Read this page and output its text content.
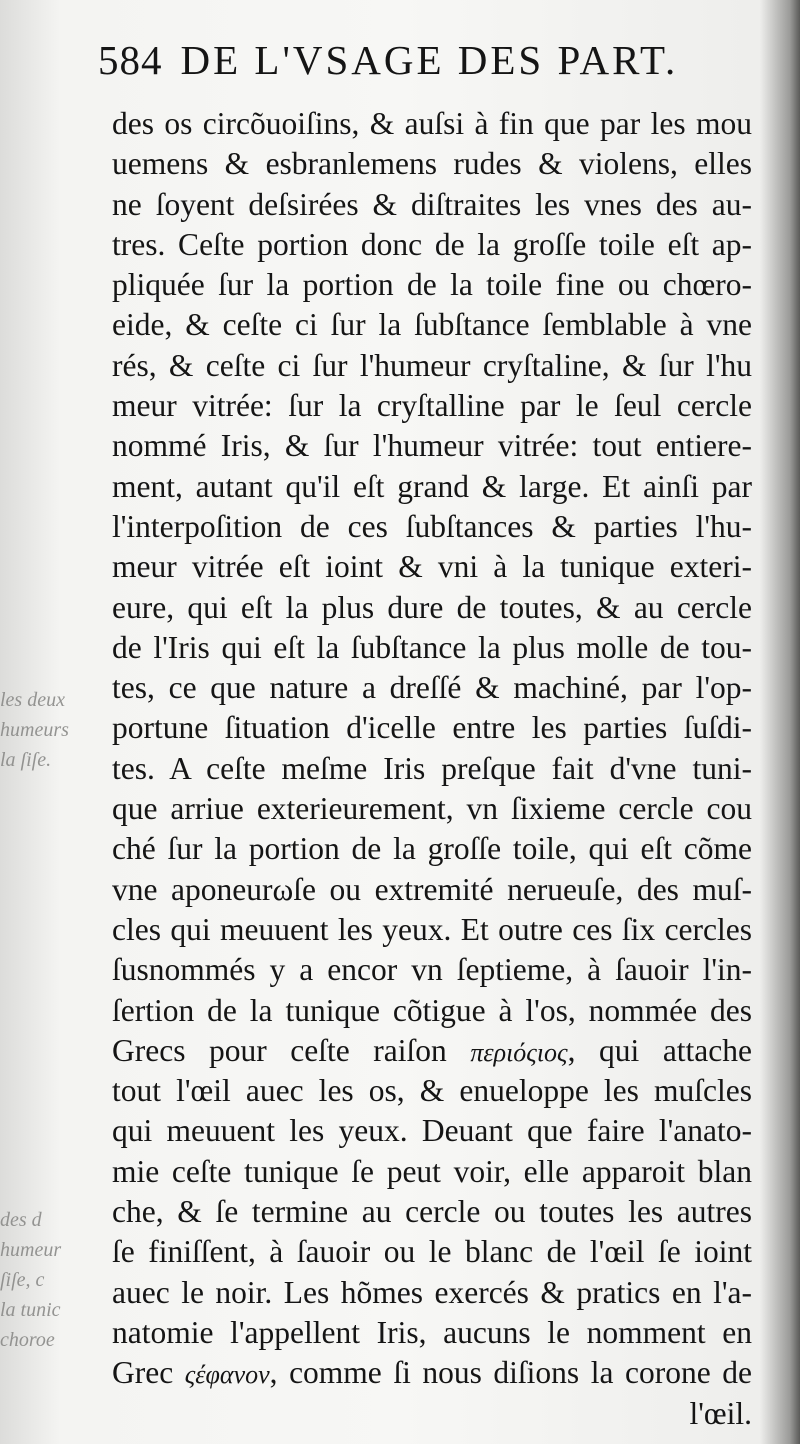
584 DE L'VSAGE DES PART.
des os circõuoiſins, & auſsi à fin que par les mou
uemens & esbranlemens rudes & violens, elles
ne ſoyent deſsirées & diſtraites les vnes des au-
tres. Ceſte portion donc de la groſſe toile eſt ap-
pliquée ſur la portion de la toile fine ou chœro-
eide, & ceſte ci ſur la ſubſtance ſemblable à vne
rés, & ceſte ci ſur l'humeur cryſtaline, & ſur l'hu
meur vitrée: ſur la cryſtalline par le ſeul cercle
nommé Iris, & ſur l'humeur vitrée: tout entiere-
ment, autant qu'il eſt grand & large. Et ainſi par
l'interpoſition de ces ſubſtances & parties l'hu-
meur vitrée eſt ioint & vni à la tunique exteri-
eure, qui eſt la plus dure de toutes, & au cercle
de l'Iris qui eſt la ſubſtance la plus molle de tou-
tes, ce que nature a dreſſé & machiné, par l'op-
portune ſituation d'icelle entre les parties ſuſdi-
tes. A ceſte meſme Iris preſque fait d'vne tuni-
que arriue exterieurement, vn ſixieme cercle cou
ché ſur la portion de la groſſe toile, qui eſt cõme
vne aponeurωſe ou extremité nerueuſe, des muſ-
cles qui meuuent les yeux. Et outre ces ſix cercles
ſusnommés y a encor vn ſeptieme, à ſauoir l'in-
ſertion de la tunique cõtigue à l'os, nommée des
Grecs pour ceſte raiſon περιόςιος, qui attache
tout l'œil auec les os, & enueloppe les muſcles
qui meuuent les yeux. Deuant que faire l'anato-
mie ceſte tunique ſe peut voir, elle apparoit blan
che, & ſe termine au cercle ou toutes les autres
ſe finiſſent, à ſauoir ou le blanc de l'œil ſe ioint
auec le noir. Les hõmes exercés & pratics en l'a-
natomie l'appellent Iris, aucuns le nomment en
Grec ςέφανον, comme ſi nous diſions la corone de
l'œil.
les deux
humeurs
la ſiſe.
des d
humeur
ſiſe, c
la tunic
choroe
